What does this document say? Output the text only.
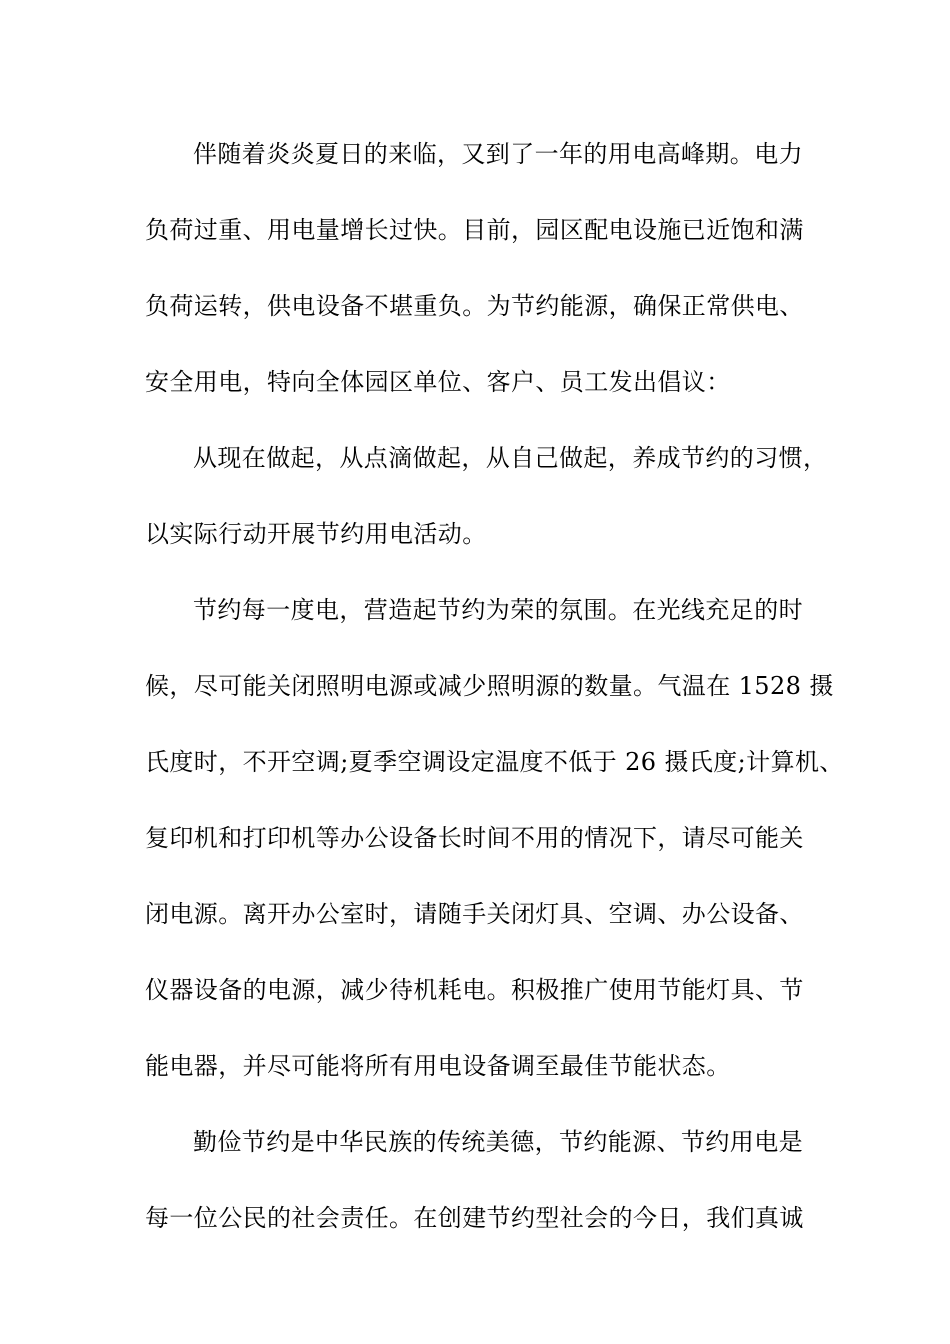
伴随着炎炎夏日的来临，又到了一年的用电高峰期。电力
负荷过重、用电量增长过快。目前，园区配电设施已近饱和满
负荷运转，供电设备不堪重负。为节约能源，确保正常供电、
安全用电，特向全体园区单位、客户、员工发出倡议：
从现在做起，从点滴做起，从自己做起，养成节约的习惯，
以实际行动开展节约用电活动。
节约每一度电，营造起节约为荣的氛围。在光线充足的时
候，尽可能关闭照明电源或减少照明源的数量。气温在 1528 摄
氏度时，不开空调;夏季空调设定温度不低于 26 摄氏度;计算机、
复印机和打印机等办公设备长时间不用的情况下，请尽可能关
闭电源。离开办公室时，请随手关闭灯具、空调、办公设备、
仪器设备的电源，减少待机耗电。积极推广使用节能灯具、节
能电器，并尽可能将所有用电设备调至最佳节能状态。
勤俭节约是中华民族的传统美德，节约能源、节约用电是
每一位公民的社会责任。在创建节约型社会的今日，我们真诚
